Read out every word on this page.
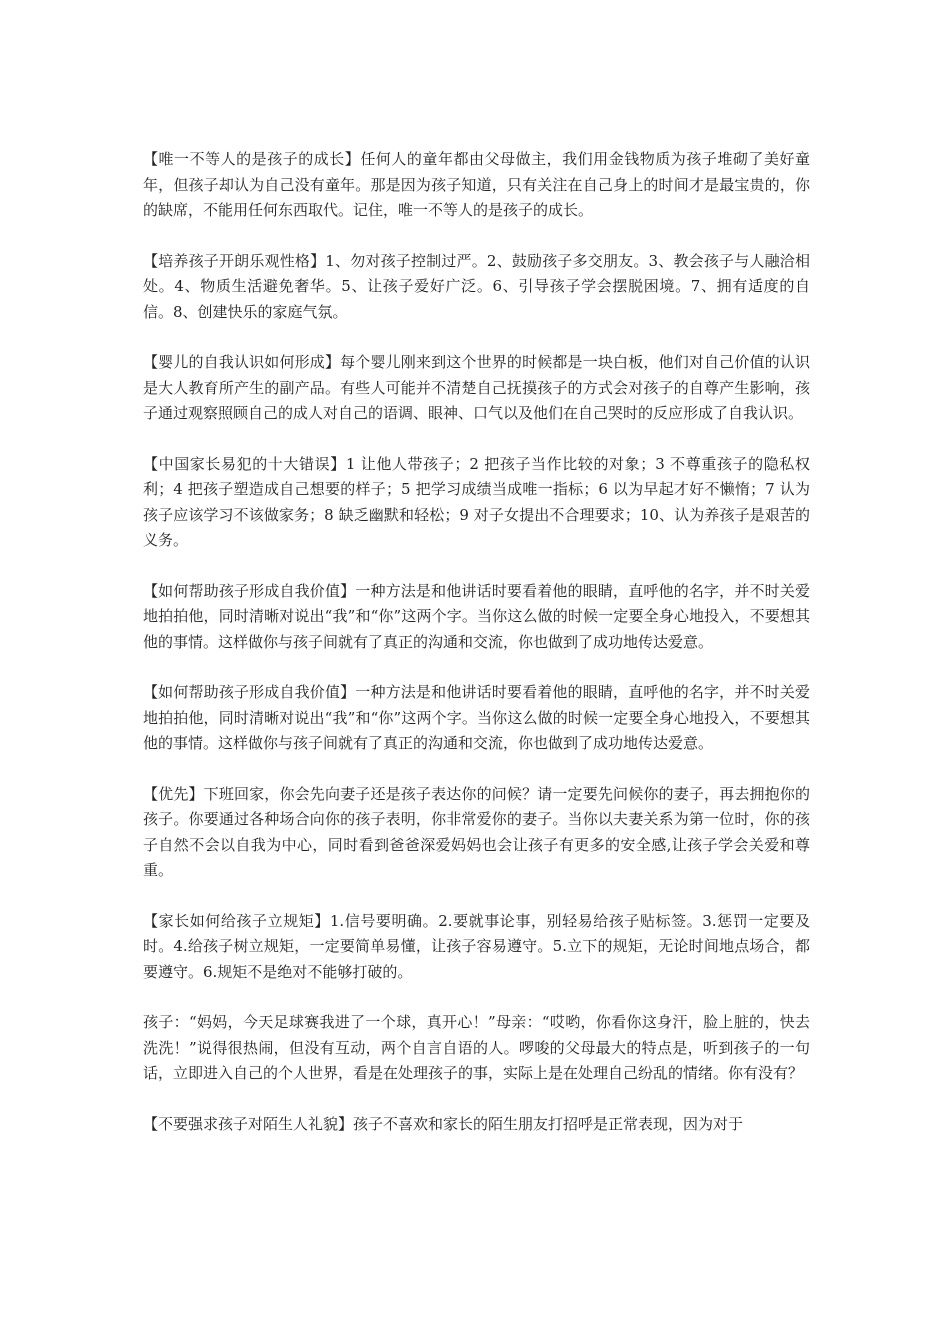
【唯一不等人的是孩子的成长】任何人的童年都由父母做主，我们用金钱物质为孩子堆砌了美好童年，但孩子却认为自己没有童年。那是因为孩子知道，只有关注在自己身上的时间才是最宝贵的，你的缺席，不能用任何东西取代。记住，唯一不等人的是孩子的成长。

【培养孩子开朗乐观性格】1、勿对孩子控制过严。2、鼓励孩子多交朋友。3、教会孩子与人融洽相处。4、物质生活避免奢华。5、让孩子爱好广泛。6、引导孩子学会摆脱困境。7、拥有适度的自信。8、创建快乐的家庭气氛。

【婴儿的自我认识如何形成】每个婴儿刚来到这个世界的时候都是一块白板，他们对自己价值的认识是大人教育所产生的副产品。有些人可能并不清楚自己抚摸孩子的方式会对孩子的自尊产生影响，孩子通过观察照顾自己的成人对自己的语调、眼神、口气以及他们在自己哭时的反应形成了自我认识。

【中国家长易犯的十大错误】1 让他人带孩子；2 把孩子当作比较的对象；3 不尊重孩子的隐私权利；4 把孩子塑造成自己想要的样子；5 把学习成绩当成唯一指标；6 以为早起才好不懒惰；7 认为孩子应该学习不该做家务；8 缺乏幽默和轻松；9 对子女提出不合理要求；10、认为养孩子是艰苦的义务。

【如何帮助孩子形成自我价值】一种方法是和他讲话时要看着他的眼睛，直呼他的名字，并不时关爱地拍拍他，同时清晰对说出“我”和“你”这两个字。当你这么做的时候一定要全身心地投入，不要想其他的事情。这样做你与孩子间就有了真正的沟通和交流，你也做到了成功地传达爱意。

【如何帮助孩子形成自我价值】一种方法是和他讲话时要看着他的眼睛，直呼他的名字，并不时关爱地拍拍他，同时清晰对说出“我”和“你”这两个字。当你这么做的时候一定要全身心地投入，不要想其他的事情。这样做你与孩子间就有了真正的沟通和交流，你也做到了成功地传达爱意。

【优先】下班回家，你会先向妻子还是孩子表达你的问候？请一定要先问候你的妻子，再去拥抱你的孩子。你要通过各种场合向你的孩子表明，你非常爱你的妻子。当你以夫妻关系为第一位时，你的孩子自然不会以自我为中心，同时看到爸爸深爱妈妈也会让孩子有更多的安全感,让孩子学会关爱和尊重。

【家长如何给孩子立规矩】1.信号要明确。2.要就事论事，别轻易给孩子贴标签。3.惩罚一定要及时。4.给孩子树立规矩，一定要简单易懂，让孩子容易遵守。5.立下的规矩，无论时间地点场合，都要遵守。6.规矩不是绝对不能够打破的。

孩子：“妈妈，今天足球赛我进了一个球，真开心！”母亲：“哎哟，你看你这身汗，脸上脏的，快去洗洗！”说得很热闹，但没有互动，两个自言自语的人。啰唆的父母最大的特点是，听到孩子的一句话，立即进入自己的个人世界，看是在处理孩子的事，实际上是在处理自己纷乱的情绪。你有没有？

【不要强求孩子对陌生人礼貌】孩子不喜欢和家长的陌生朋友打招呼是正常表现，因为对于
